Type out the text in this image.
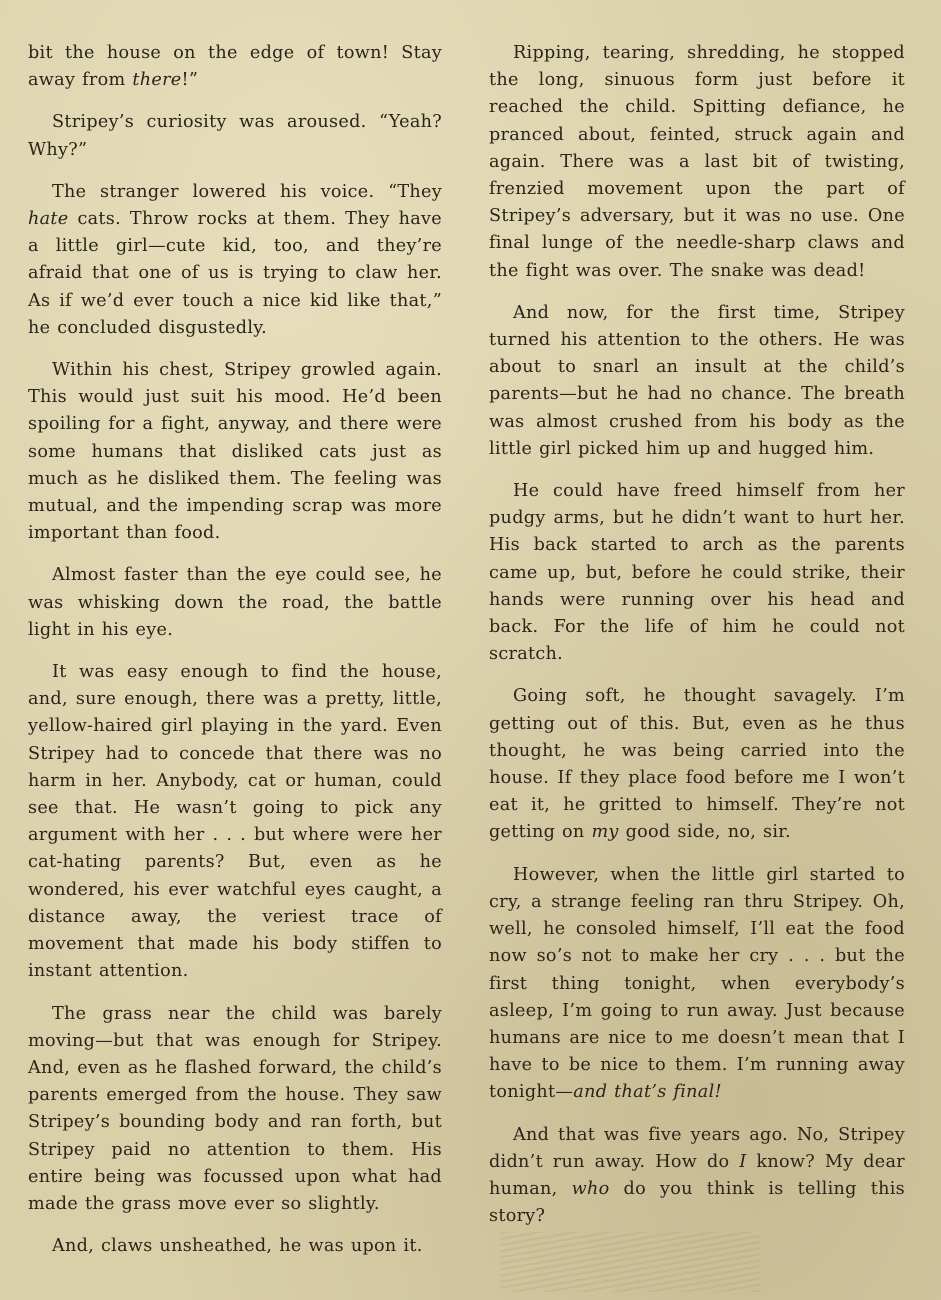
bit the house on the edge of town! Stay away from there!”

Stripey’s curiosity was aroused. “Yeah? Why?”

The stranger lowered his voice. “They hate cats. Throw rocks at them. They have a little girl—cute kid, too, and they’re afraid that one of us is trying to claw her. As if we’d ever touch a nice kid like that,” he concluded disgustedly.

Within his chest, Stripey growled again. This would just suit his mood. He’d been spoiling for a fight, anyway, and there were some humans that disliked cats just as much as he disliked them. The feeling was mutual, and the impending scrap was more important than food.

Almost faster than the eye could see, he was whisking down the road, the battle light in his eye.

It was easy enough to find the house, and, sure enough, there was a pretty, little, yellow-haired girl playing in the yard. Even Stripey had to concede that there was no harm in her. Anybody, cat or human, could see that. He wasn’t going to pick any argument with her . . . but where were her cat-hating parents? But, even as he wondered, his ever watchful eyes caught, a distance away, the veriest trace of movement that made his body stiffen to instant attention.

The grass near the child was barely moving—but that was enough for Stripey. And, even as he flashed forward, the child’s parents emerged from the house. They saw Stripey’s bounding body and ran forth, but Stripey paid no attention to them. His entire being was focussed upon what had made the grass move ever so slightly.

And, claws unsheathed, he was upon it.

Ripping, tearing, shredding, he stopped the long, sinuous form just before it reached the child. Spitting defiance, he pranced about, feinted, struck again and again. There was a last bit of twisting, frenzied movement upon the part of Stripey’s adversary, but it was no use. One final lunge of the needle-sharp claws and the fight was over. The snake was dead!

And now, for the first time, Stripey turned his attention to the others. He was about to snarl an insult at the child’s parents—but he had no chance. The breath was almost crushed from his body as the little girl picked him up and hugged him.

He could have freed himself from her pudgy arms, but he didn’t want to hurt her. His back started to arch as the parents came up, but, before he could strike, their hands were running over his head and back. For the life of him he could not scratch.

Going soft, he thought savagely. I’m getting out of this. But, even as he thus thought, he was being carried into the house. If they place food before me I won’t eat it, he gritted to himself. They’re not getting on my good side, no, sir.

However, when the little girl started to cry, a strange feeling ran thru Stripey. Oh, well, he consoled himself, I’ll eat the food now so’s not to make her cry . . . but the first thing tonight, when everybody’s asleep, I’m going to run away. Just because humans are nice to me doesn’t mean that I have to be nice to them. I’m running away tonight—and that’s final!

And that was five years ago. No, Stripey didn’t run away. How do I know? My dear human, who do you think is telling this story?
